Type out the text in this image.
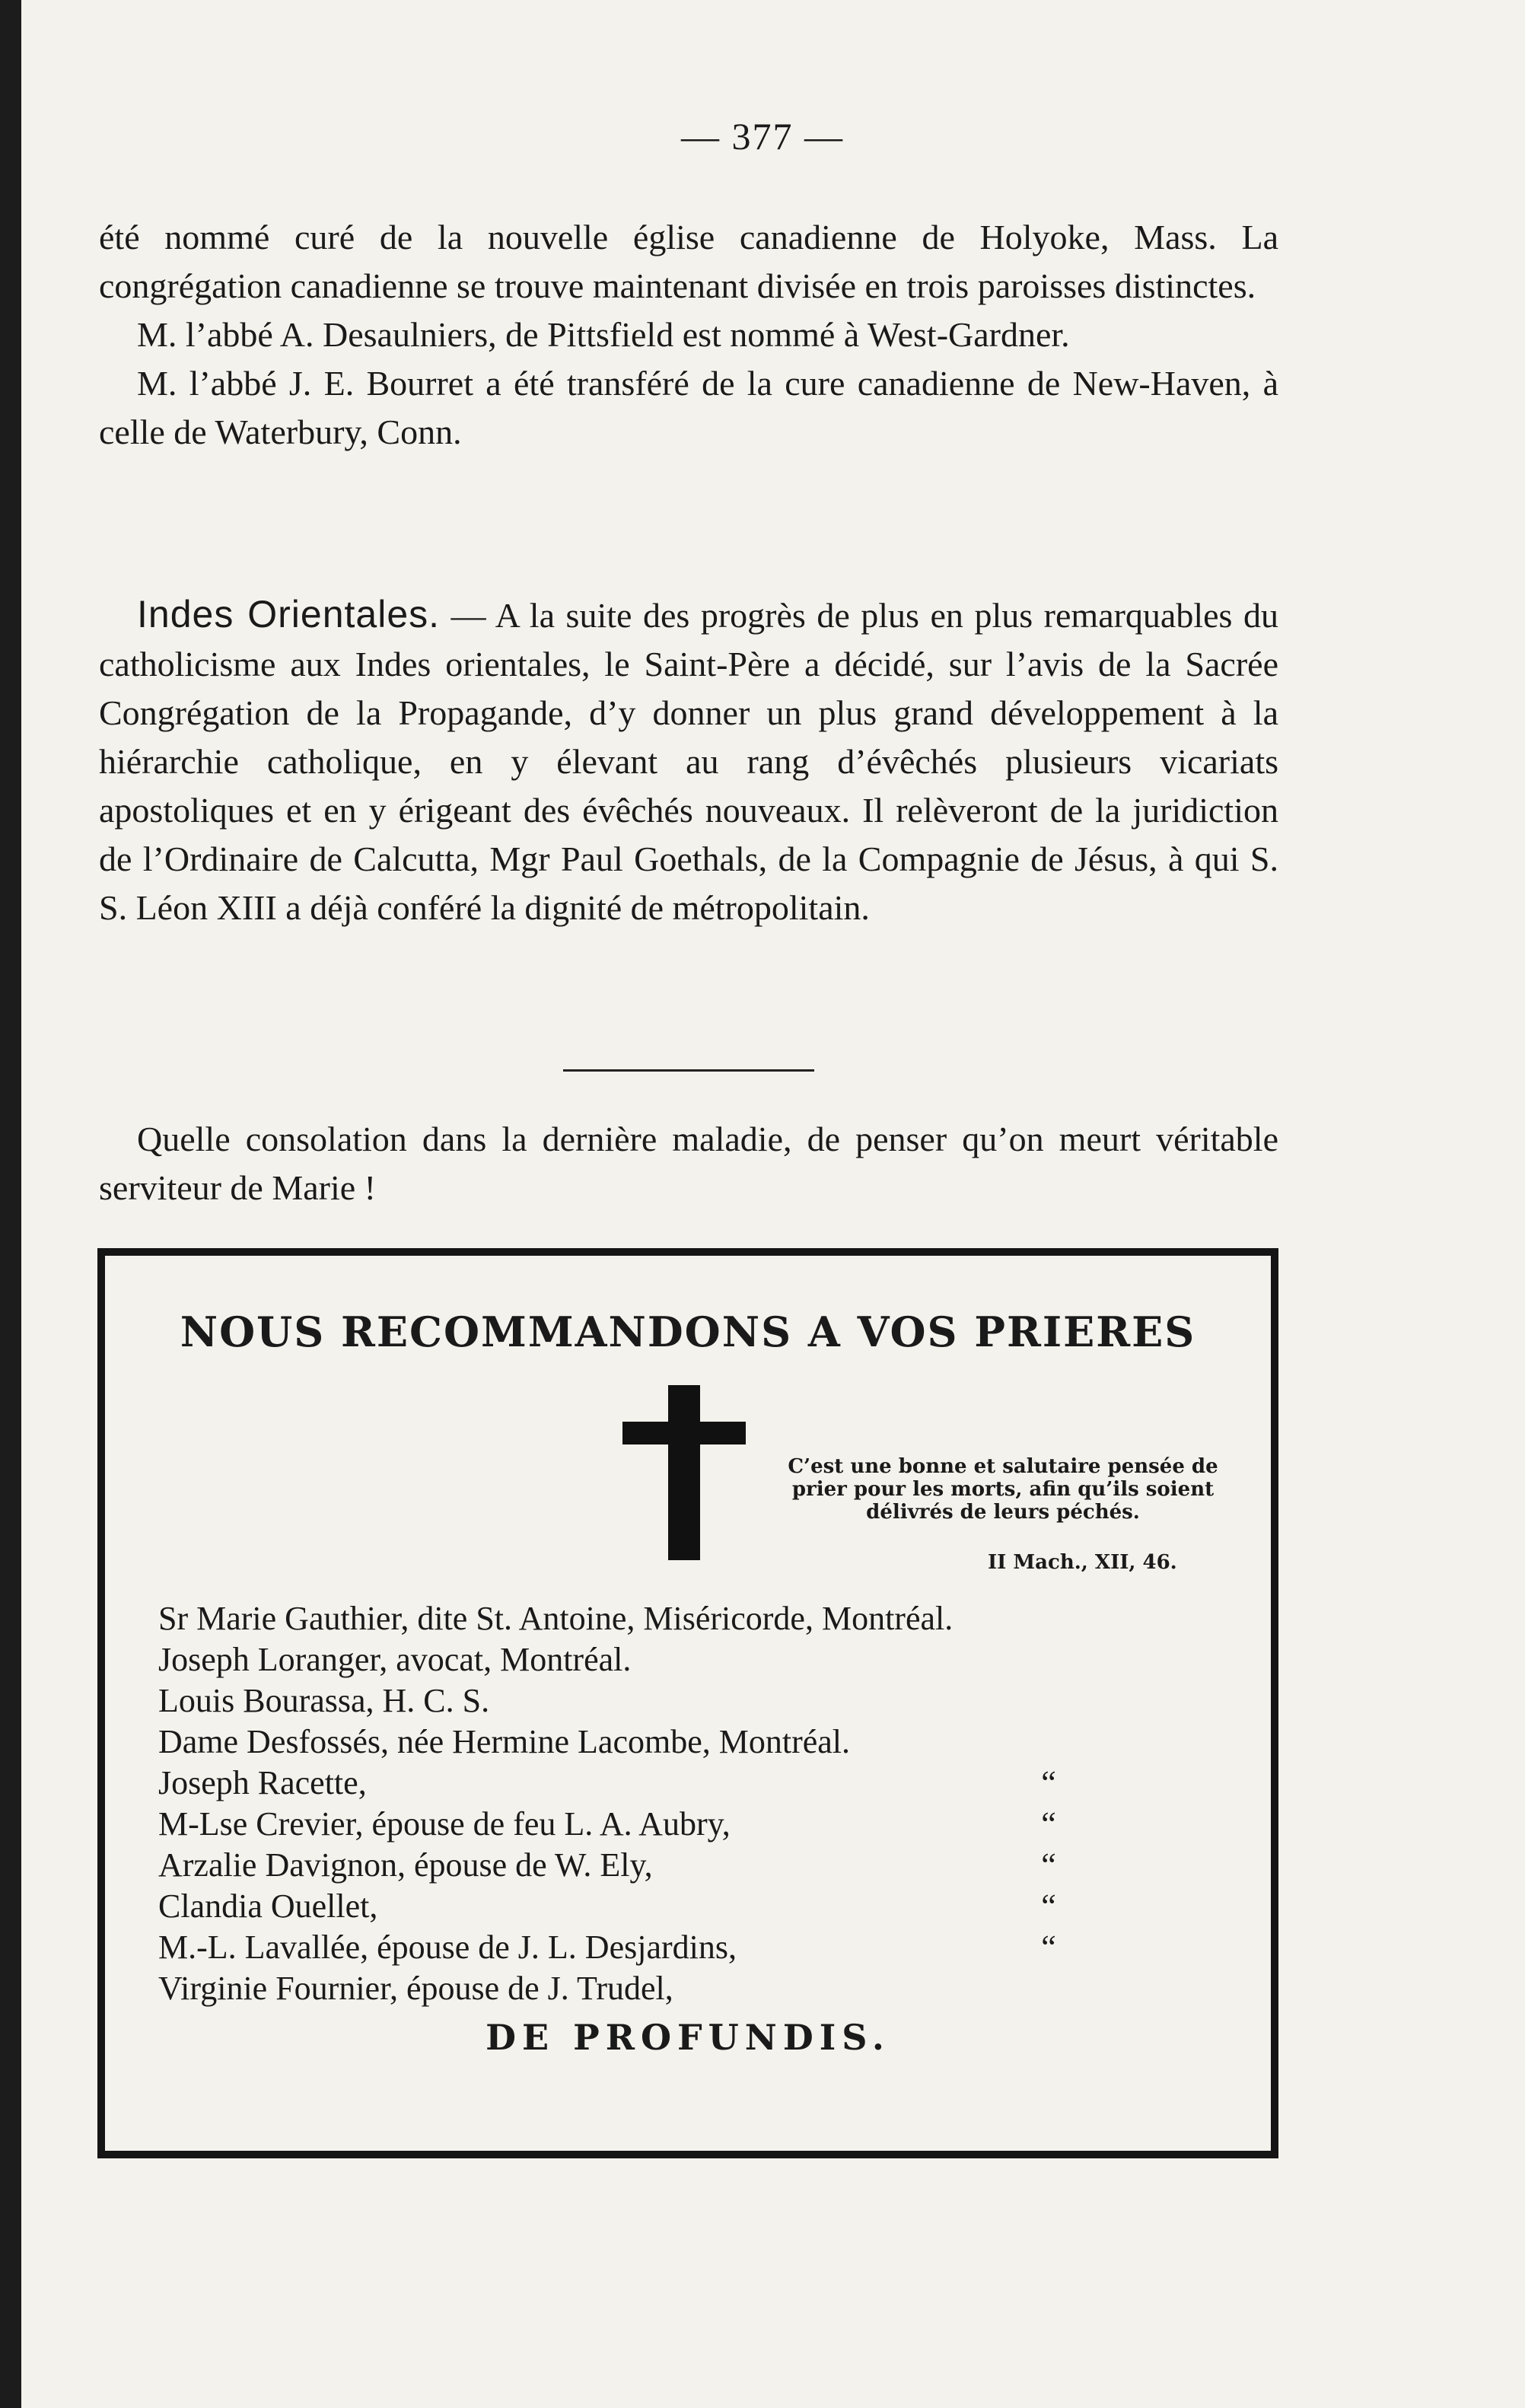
— 377 —

été nommé curé de la nouvelle église canadienne de Holyoke, Mass. La congrégation canadienne se trouve maintenant divisée en trois paroisses distinctes.

M. l’abbé A. Desaulniers, de Pittsfield est nommé à West-Gardner.

M. l’abbé J. E. Bourret a été transféré de la cure canadienne de New-Haven, à celle de Waterbury, Conn.

Indes Orientales. — A la suite des progrès de plus en plus remarquables du catholicisme aux Indes orientales, le Saint-Père a décidé, sur l’avis de la Sacrée Congrégation de la Propagande, d’y donner un plus grand développement à la hiérarchie catholique, en y élevant au rang d’évêchés plusieurs vicariats apostoliques et en y érigeant des évêchés nouveaux. Il relèveront de la juridiction de l’Ordinaire de Calcutta, Mgr Paul Goethals, de la Compagnie de Jésus, à qui S. S. Léon XIII a déjà conféré la dignité de métropolitain.

Quelle consolation dans la dernière maladie, de penser qu’on meurt véritable serviteur de Marie !

NOUS RECOMMANDONS A VOS PRIERES
C’est une bonne et salutaire pensée de prier pour les morts, afin qu’ils soient délivrés de leurs péchés.
II Mach., XII, 46.
Sr Marie Gauthier, dite St. Antoine, Miséricorde, Montréal.
Joseph Loranger, avocat, Montréal.
Louis Bourassa, H. C. S.
Dame Desfossés, née Hermine Lacombe, Montréal.
Joseph Racette,	“
M-Lse Crevier, épouse de feu L. A. Aubry,	“
Arzalie Davignon, épouse de W. Ely,	“
Clandia Ouellet,	“
M.-L. Lavallée, épouse de J. L. Desjardins,	“
Virginie Fournier, épouse de J. Trudel,
DE PROFUNDIS.
